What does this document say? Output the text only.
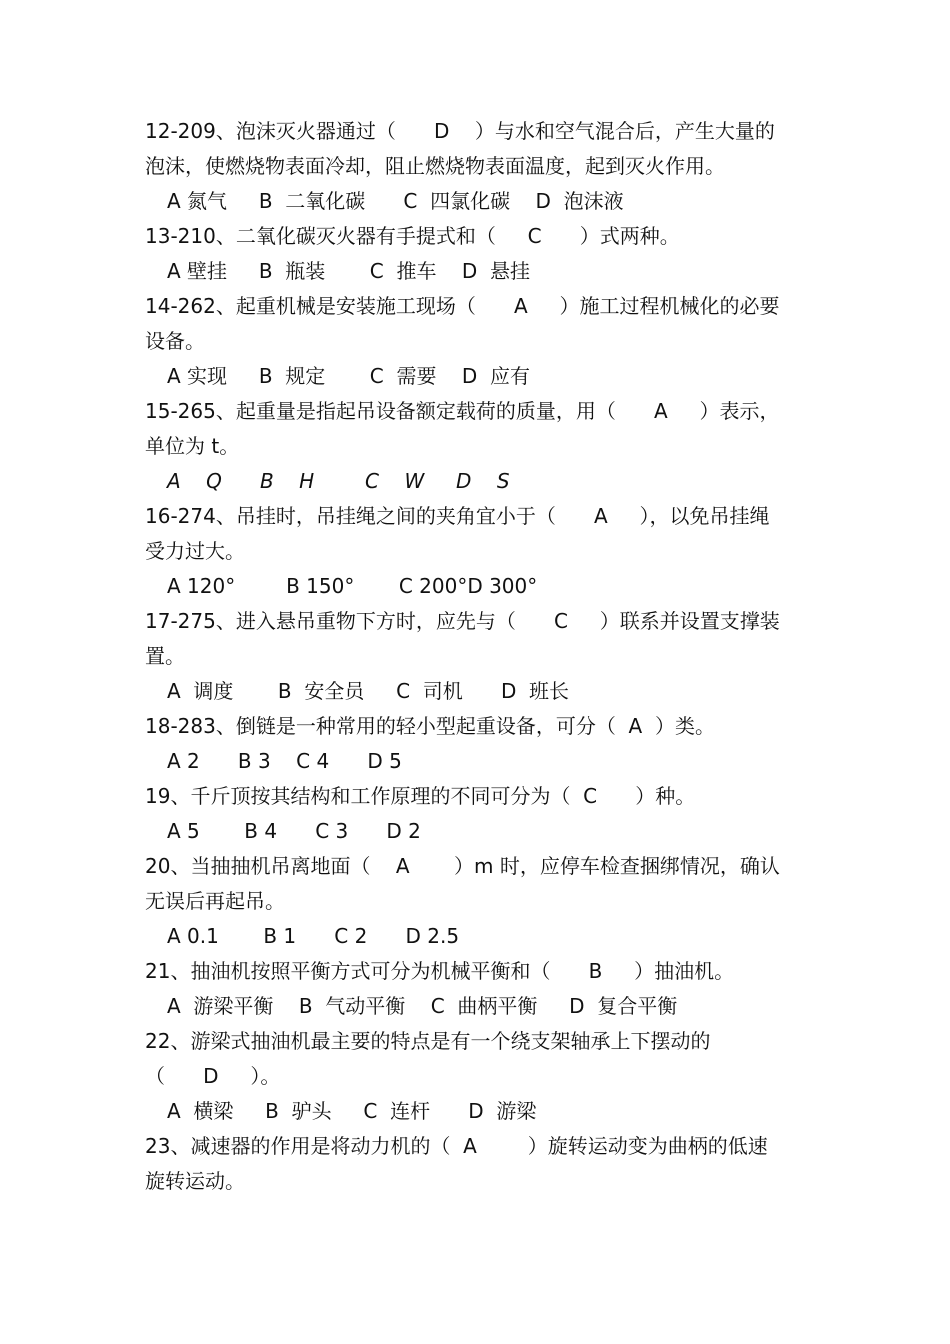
12-209、泡沫灭火器通过（      D    ）与水和空气混合后，产生大量的
泡沫，使燃烧物表面冷却，阻止燃烧物表面温度，起到灭火作用。
A 氮气     B  二氧化碳      C  四氯化碳    D  泡沫液
13-210、二氧化碳灭火器有手提式和（     C      ）式两种。
A 壁挂     B  瓶装       C  推车    D  悬挂
14-262、起重机械是安装施工现场（      A     ）施工过程机械化的必要
设备。
A 实现     B  规定       C  需要    D  应有
15-265、起重量是指起吊设备额定载荷的质量，用（      A     ）表示，
单位为 t。
A    Q      B    H        C    W     D    S
16-274、吊挂时，吊挂绳之间的夹角宜小于（      A     ），以免吊挂绳
受力过大。
A 120°        B 150°       C 200°D 300°
17-275、进入悬吊重物下方时，应先与（      C     ）联系并设置支撑装
置。
A  调度       B  安全员     C  司机      D  班长
18-283、倒链是一种常用的轻小型起重设备，可分（  A  ）类。
A 2      B 3    C 4      D 5
19、千斤顶按其结构和工作原理的不同可分为（  C      ）种。
A 5       B 4      C 3      D 2
20、当抽抽机吊离地面（    A       ）m 时，应停车检查捆绑情况，确认
无误后再起吊。
A 0.1       B 1      C 2      D 2.5
21、抽油机按照平衡方式可分为机械平衡和（      B     ）抽油机。
A  游梁平衡    B  气动平衡    C  曲柄平衡     D  复合平衡
22、游梁式抽油机最主要的特点是有一个绕支架轴承上下摆动的
（      D     ）。
A  横梁     B  驴头     C  连杆      D  游梁
23、减速器的作用是将动力机的（  A        ）旋转运动变为曲柄的低速
旋转运动。
